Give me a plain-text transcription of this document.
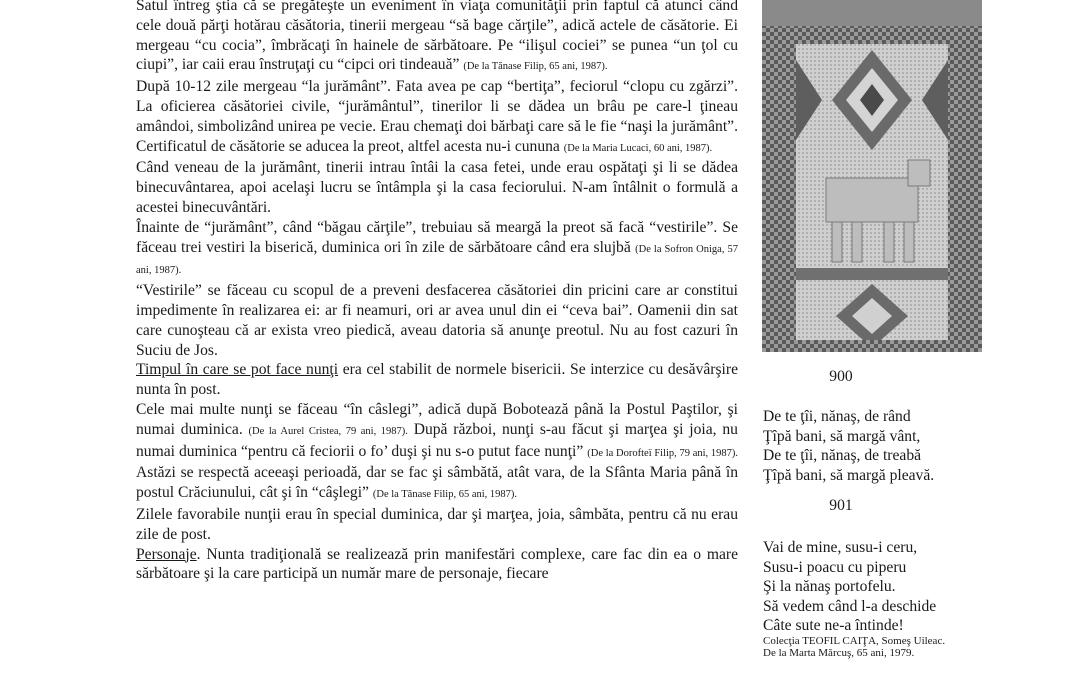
Satul întreg ştia că se pregăteşte un eveniment în viaţa comunităţii prin faptul că atunci când cele două părţi hotărau căsătoria, tinerii mergeau “să bage cărţile”, adică actele de căsătorie. Ei mergeau “cu cocia”, îmbrăcaţi în hainele de sărbătoare. Pe “ilişul cociei” se punea “un ţol cu ciupi”, iar caii erau înstruţaţi cu “cipci ori tindeauă” (De la Tănase Filip, 65 ani, 1987).

După 10-12 zile mergeau “la jurământ”. Fata avea pe cap “bertiţa”, feciorul “clopu cu zgărzi”. La oficierea căsătoriei civile, “jurământul”, tinerilor li se dădea un brâu pe care-l ţineau amândoi, simbolizând unirea pe vecie. Erau chemaţi doi bărbaţi care să le fie “naşi la jurământ”. Certificatul de căsătorie se aducea la preot, altfel acesta nu-i cununa (De la Maria Lucaci, 60 ani, 1987).

Când veneau de la jurământ, tinerii intrau întâi la casa fetei, unde erau ospătaţi şi li se dădea binecuvântarea, apoi acelaşi lucru se întâmpla şi la casa feciorului. N-am întâlnit o formulă a acestei binecuvântări.

Înainte de “jurământ”, când “băgau cărţile”, trebuiau să meargă la preot să facă “vestirile”. Se făceau trei vestiri la biserică, duminica ori în zile de sărbătoare când era slujbă (De la Sofron Oniga, 57 ani, 1987).

“Vestirile” se făceau cu scopul de a preveni desfacerea căsătoriei din pricini care ar constitui impedimente în realizarea ei: ar fi neamuri, ori ar avea unul din ei “ceva bai”. Oamenii din sat care cunoşteau că ar exista vreo piedică, aveau datoria să anunţe preotul. Nu au fost cazuri în Suciu de Jos.

Timpul în care se pot face nunţi era cel stabilit de normele bisericii. Se interzice cu desăvârşire nunta în post.

Cele mai multe nunţi se făceau “în câslegi”, adică după Bobotează până la Postul Paştilor, şi numai duminica. (De la Aurel Cristea, 79 ani, 1987). După război, nunţi s-au făcut şi marţea şi joia, nu numai duminica “pentru că feciorii o fo’ duşi şi nu s-o putut face nunţi” (De la Dorofteï Filip, 79 ani, 1987). Astăzi se respectă aceeaşi perioadă, dar se fac şi sâmbătă, atât vara, de la Sfânta Maria până în postul Crăciunului, cât şi în “câşlegi” (De la Tănase Filip, 65 ani, 1987).

Zilele favorabile nunţii erau în special duminica, dar şi marţea, joia, sâmbăta, pentru că nu erau zile de post.

Personaje. Nunta tradiţională se realizează prin manifestări complexe, care fac din ea o mare sărbătoare şi la care participă un număr mare de personaje, fiecare

900
De te ţîi, nănaş, de rând
Ţîpă bani, să margă vânt,
De te ţîi, nănaş, de treabă
Ţîpă bani, să margă pleavă.
901
Vai de mine, susu-i ceru,
Susu-i poacu cu piperu
Şi la nănaş portofelu.
Să vedem când l-a deschide
Câte sute ne-a întinde!
Colecţia TEOFIL CAIŢA, Someş Uileac.
De la Marta Mărcuş, 65 ani, 1979.
